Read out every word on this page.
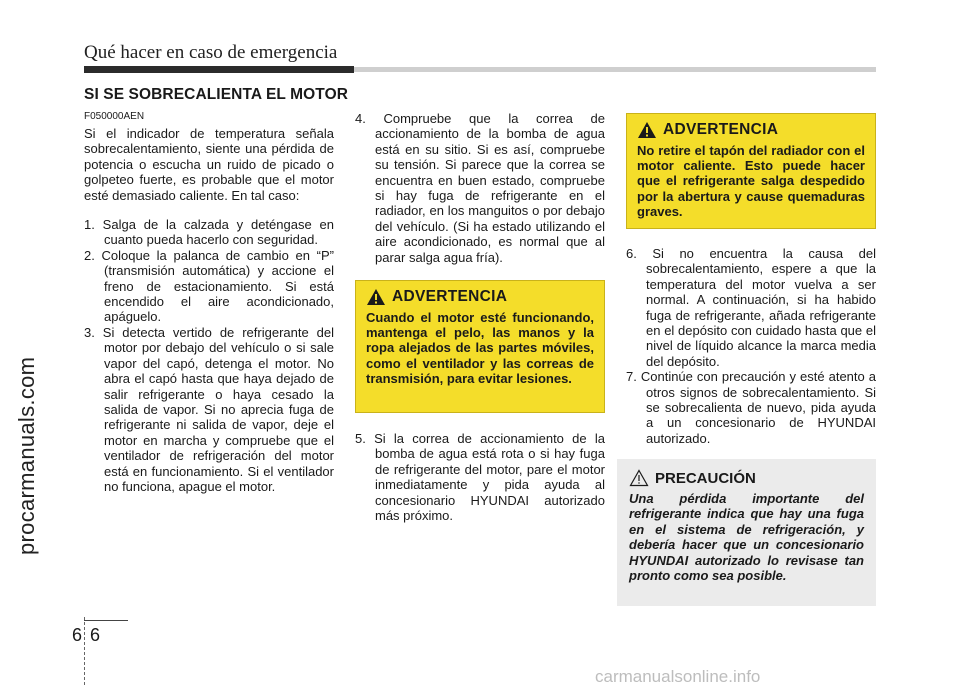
Qué hacer en caso de emergencia
SI SE SOBRECALIENTA EL MOTOR

F050000AEN

Si el indicador de temperatura señala sobrecalentamiento, siente una pérdida de potencia o escucha un ruido de picado o golpeteo fuerte, es probable que el motor esté demasiado caliente. En tal caso:

1. Salga de la calzada y deténgase en cuanto pueda hacerlo con seguridad.

2. Coloque la palanca de cambio en “P” (transmisión automática) y accione el freno de estacionamiento. Si está encendido el aire acondicionado, apáguelo.

3. Si detecta vertido de refrigerante del motor por debajo del vehículo o si sale vapor del capó, detenga el motor. No abra el capó hasta que haya dejado de salir refrigerante o haya cesado la salida de vapor. Si no aprecia fuga de refrigerante ni salida de vapor, deje el motor en marcha y compruebe que el ventilador de refrigeración del motor está en funcionamiento. Si el ventilador no funciona, apague el motor.

4. Compruebe que la correa de accionamiento de la bomba de agua está en su sitio. Si es así, compruebe su tensión. Si parece que la correa se encuentra en buen estado, compruebe si hay fuga de refrigerante en el radiador, en los manguitos o por debajo del vehículo. (Si ha estado utilizando el aire acondicionado, es normal que al parar salga agua fría).

ADVERTENCIA
Cuando el motor esté funcionando, mantenga el pelo, las manos y la ropa alejados de las partes móviles, como el ventilador y las correas de transmisión, para evitar lesiones.

5. Si la correa de accionamiento de la bomba de agua está rota o si hay fuga de refrigerante del motor, pare el motor inmediatamente y pida ayuda al concesionario HYUNDAI autorizado más próximo.

ADVERTENCIA
No retire el tapón del radiador con el motor caliente. Esto puede hacer que el refrigerante salga despedido por la abertura y cause quemaduras graves.

6. Si no encuentra la causa del sobrecalentamiento, espere a que la temperatura del motor vuelva a ser normal. A continuación, si ha habido fuga de refrigerante, añada refrigerante en el depósito con cuidado hasta que el nivel de líquido alcance la marca media del depósito.

7. Continúe con precaución y esté atento a otros signos de sobrecalentamiento. Si se sobrecalienta de nuevo, pida ayuda a un concesionario de HYUNDAI autorizado.

PRECAUCIÓN
Una pérdida importante del refrigerante indica que hay una fuga en el sistema de refrigeración, y debería hacer que un concesionario HYUNDAI autorizado lo revisase tan pronto como sea posible.
6 6
procarmanuals.com
carmanualsonline.info
